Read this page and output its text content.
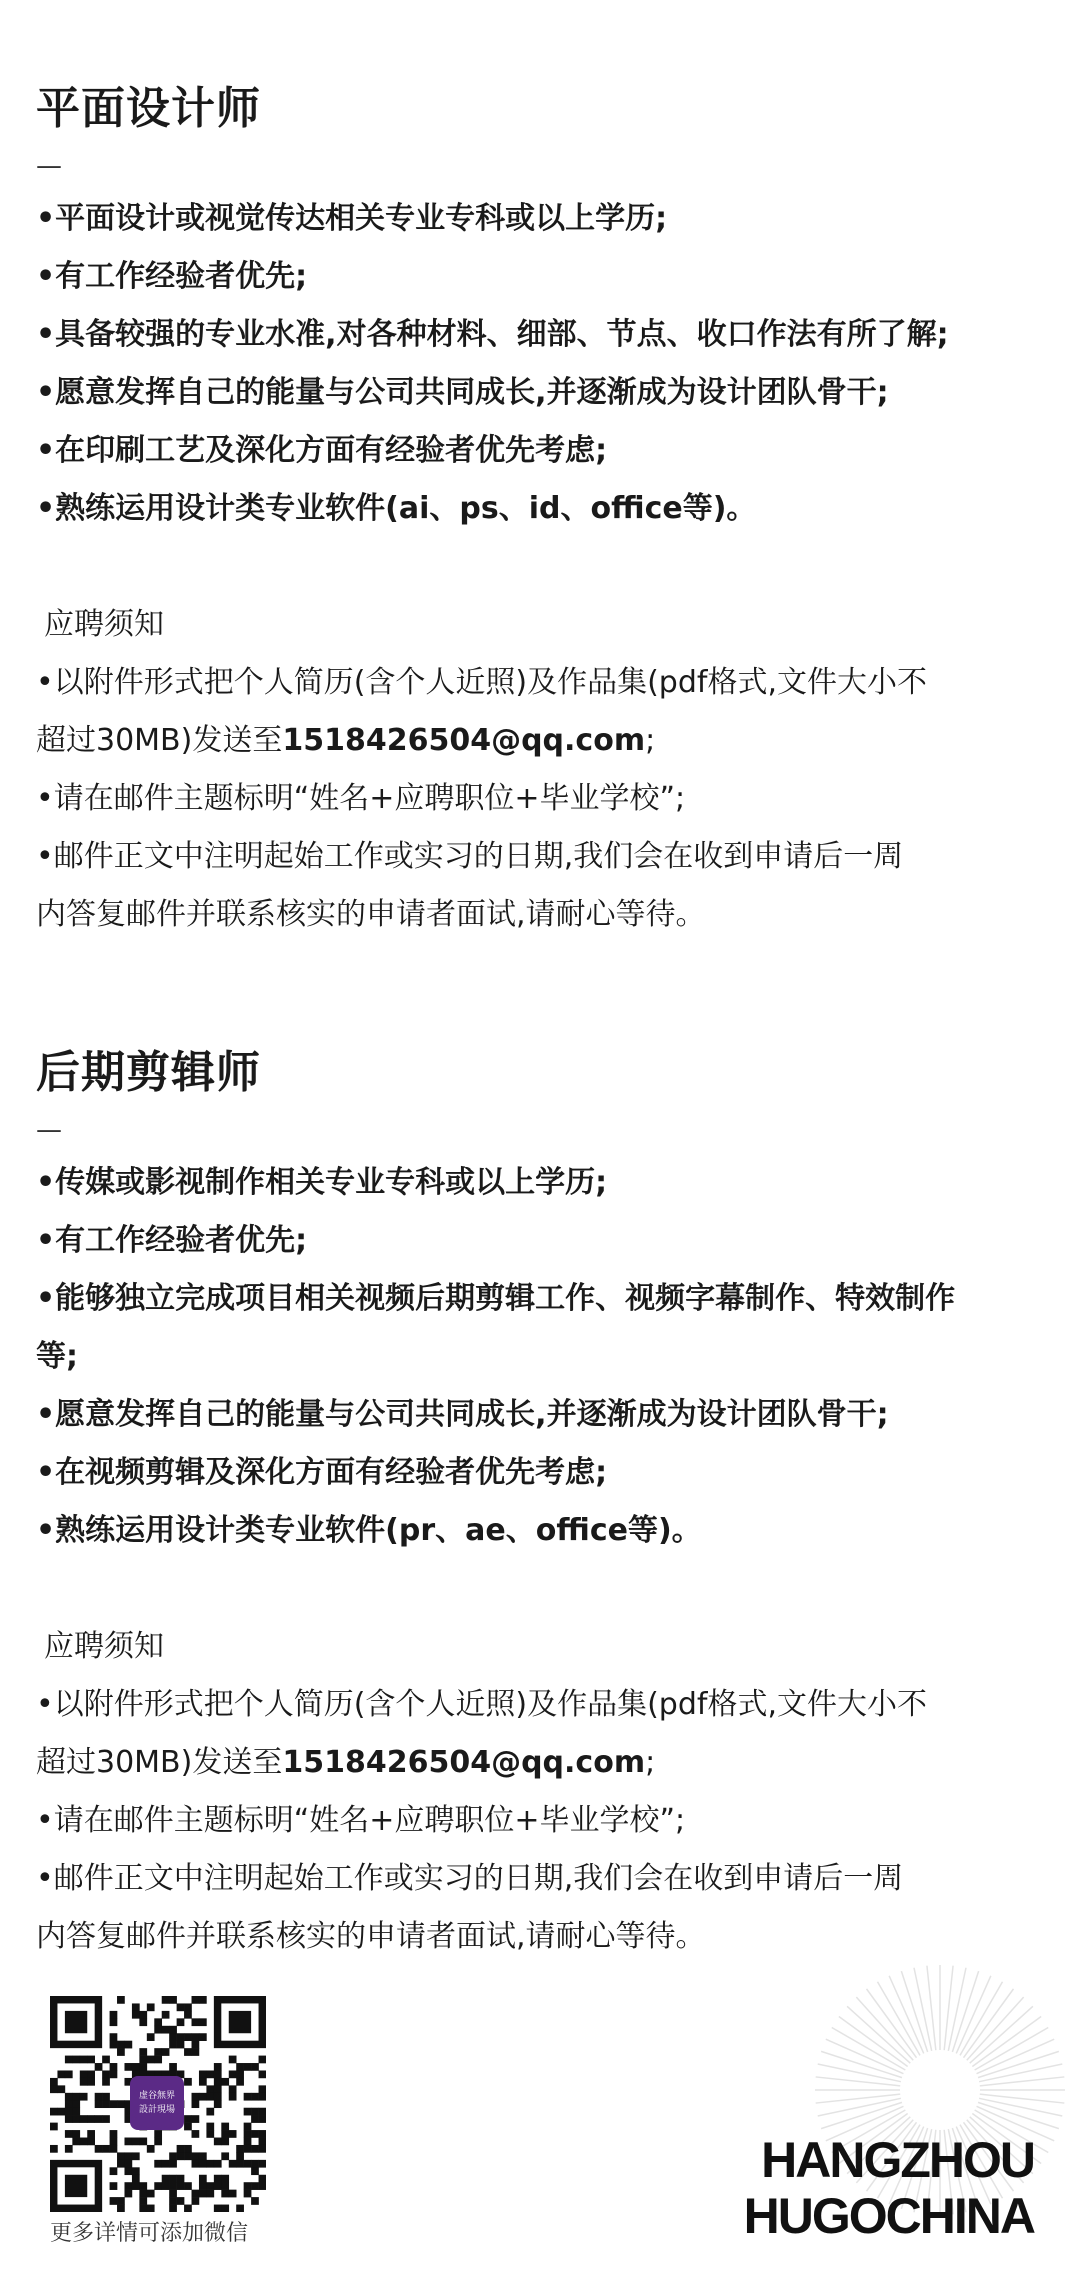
平面设计师
—
•平面设计或视觉传达相关专业专科或以上学历;
•有工作经验者优先;
•具备较强的专业水准,对各种材料、细部、节点、收口作法有所了解;
•愿意发挥自己的能量与公司共同成长,并逐渐成为设计团队骨干;
•在印刷工艺及深化方面有经验者优先考虑;
•熟练运用设计类专业软件(ai、ps、id、office等)。
应聘须知
•以附件形式把个人简历(含个人近照)及作品集(pdf格式,文件大小不
超过30MB)发送至1518426504@qq.com;
•请在邮件主题标明“姓名+应聘职位+毕业学校”;
•邮件正文中注明起始工作或实习的日期,我们会在收到申请后一周
内答复邮件并联系核实的申请者面试,请耐心等待。
后期剪辑师
—
•传媒或影视制作相关专业专科或以上学历;
•有工作经验者优先;
•能够独立完成项目相关视频后期剪辑工作、视频字幕制作、特效制作
等;
•愿意发挥自己的能量与公司共同成长,并逐渐成为设计团队骨干;
•在视频剪辑及深化方面有经验者优先考虑;
•熟练运用设计类专业软件(pr、ae、office等)。
应聘须知
•以附件形式把个人简历(含个人近照)及作品集(pdf格式,文件大小不
超过30MB)发送至1518426504@qq.com;
•请在邮件主题标明“姓名+应聘职位+毕业学校”;
•邮件正文中注明起始工作或实习的日期,我们会在收到申请后一周
内答复邮件并联系核实的申请者面试,请耐心等待。
虚谷無界 設計現場
更多详情可添加微信
HANGZHOU
HUGOCHINA
